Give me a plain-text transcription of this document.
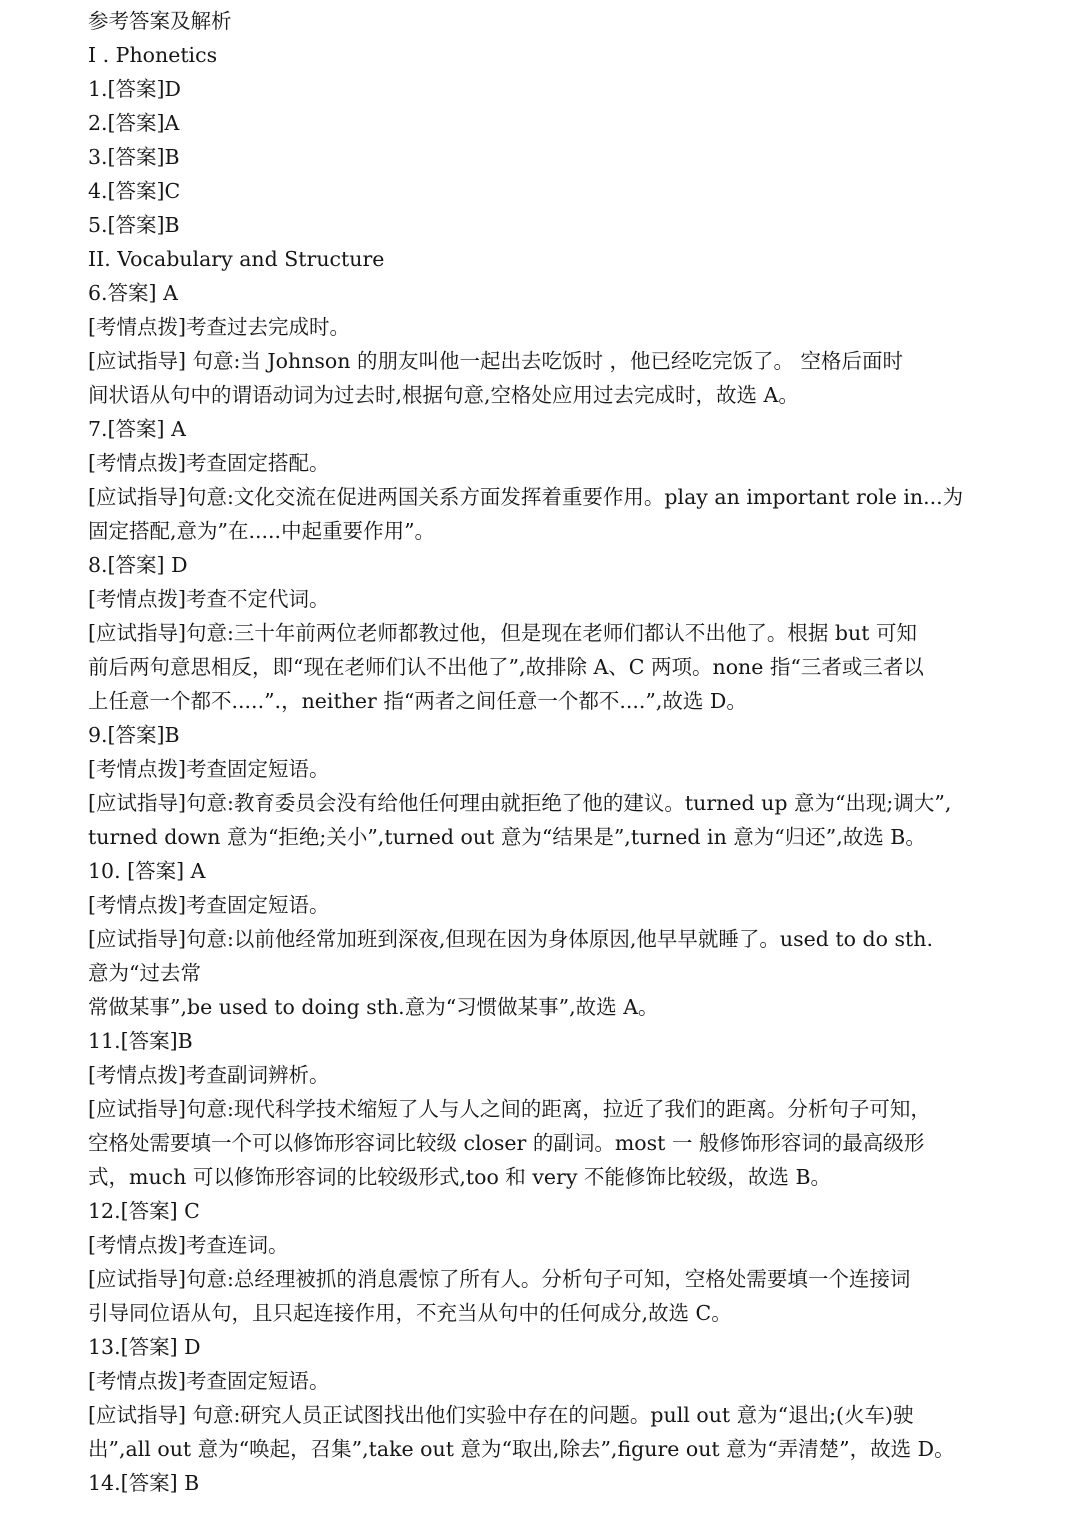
参考答案及解析
I . Phonetics
1.[答案]D
2.[答案]A
3.[答案]B
4.[答案]C
5.[答案]B
II. Vocabulary and Structure
6.答案] A
[考情点拨]考查过去完成时。
[应试指导] 句意:当 Johnson 的朋友叫他一起出去吃饭时 ，他已经吃完饭了。 空格后面时
间状语从句中的谓语动词为过去时,根据句意,空格处应用过去完成时，故选 A。
7.[答案] A
[考情点拨]考查固定搭配。
[应试指导]句意:文化交流在促进两国关系方面发挥着重要作用。play an important role in...为
固定搭配,意为”在.....中起重要作用”。
8.[答案] D
[考情点拨]考查不定代词。
[应试指导]句意:三十年前两位老师都教过他，但是现在老师们都认不出他了。根据 but 可知
前后两句意思相反，即“现在老师们认不出他了”,故排除 A、C 两项。none 指“三者或三者以
上任意一个都不.....”.，neither 指“两者之间任意一个都不....”,故选 D。
9.[答案]B
[考情点拨]考查固定短语。
[应试指导]句意:教育委员会没有给他任何理由就拒绝了他的建议。turned up 意为“出现;调大”,
turned down 意为“拒绝;关小”,turned out 意为“结果是”,turned in 意为“归还”,故选 B。
10. [答案] A
[考情点拨]考查固定短语。
[应试指导]句意:以前他经常加班到深夜,但现在因为身体原因,他早早就睡了。used to do sth.
意为“过去常
常做某事”,be used to doing sth.意为“习惯做某事”,故选 A。
11.[答案]B
[考情点拨]考查副词辨析。
[应试指导]句意:现代科学技术缩短了人与人之间的距离，拉近了我们的距离。分析句子可知，
空格处需要填一个可以修饰形容词比较级 closer 的副词。most 一 般修饰形容词的最高级形
式，much 可以修饰形容词的比较级形式,too 和 very 不能修饰比较级，故选 B。
12.[答案] C
[考情点拨]考查连词。
[应试指导]句意:总经理被抓的消息震惊了所有人。分析句子可知，空格处需要填一个连接词
引导同位语从句，且只起连接作用，不充当从句中的任何成分,故选 C。
13.[答案] D
[考情点拨]考查固定短语。
[应试指导] 句意:研究人员正试图找出他们实验中存在的问题。pull out 意为“退出;(火车)驶
出”,all out 意为“唤起，召集”,take out 意为“取出,除去”,figure out 意为“弄清楚”，故选 D。
14.[答案] B
